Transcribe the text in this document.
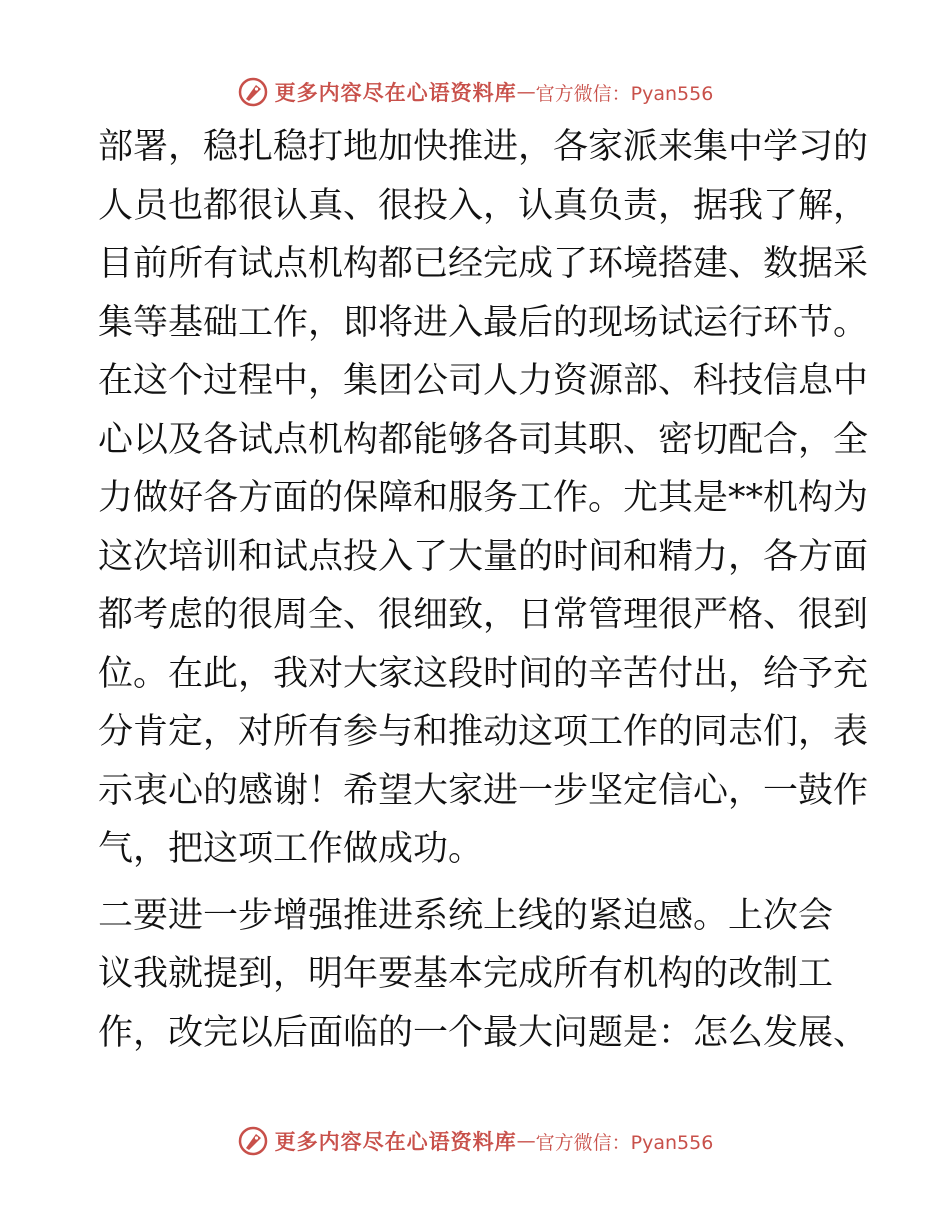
更多内容尽在心语资料库 — 官方微信：Pyan556
部署，稳扎稳打地加快推进，各家派来集中学习的
人员也都很认真、很投入，认真负责，据我了解，
目前所有试点机构都已经完成了环境搭建、数据采
集等基础工作，即将进入最后的现场试运行环节。
在这个过程中，集团公司人力资源部、科技信息中
心以及各试点机构都能够各司其职、密切配合，全
力做好各方面的保障和服务工作。尤其是**机构为
这次培训和试点投入了大量的时间和精力，各方面
都考虑的很周全、很细致，日常管理很严格、很到
位。在此，我对大家这段时间的辛苦付出，给予充
分肯定，对所有参与和推动这项工作的同志们，表
示衷心的感谢！希望大家进一步坚定信心，一鼓作
气，把这项工作做成功。
二要进一步增强推进系统上线的紧迫感。上次会
议我就提到，明年要基本完成所有机构的改制工
作，改完以后面临的一个最大问题是：怎么发展、
更多内容尽在心语资料库 — 官方微信：Pyan556
